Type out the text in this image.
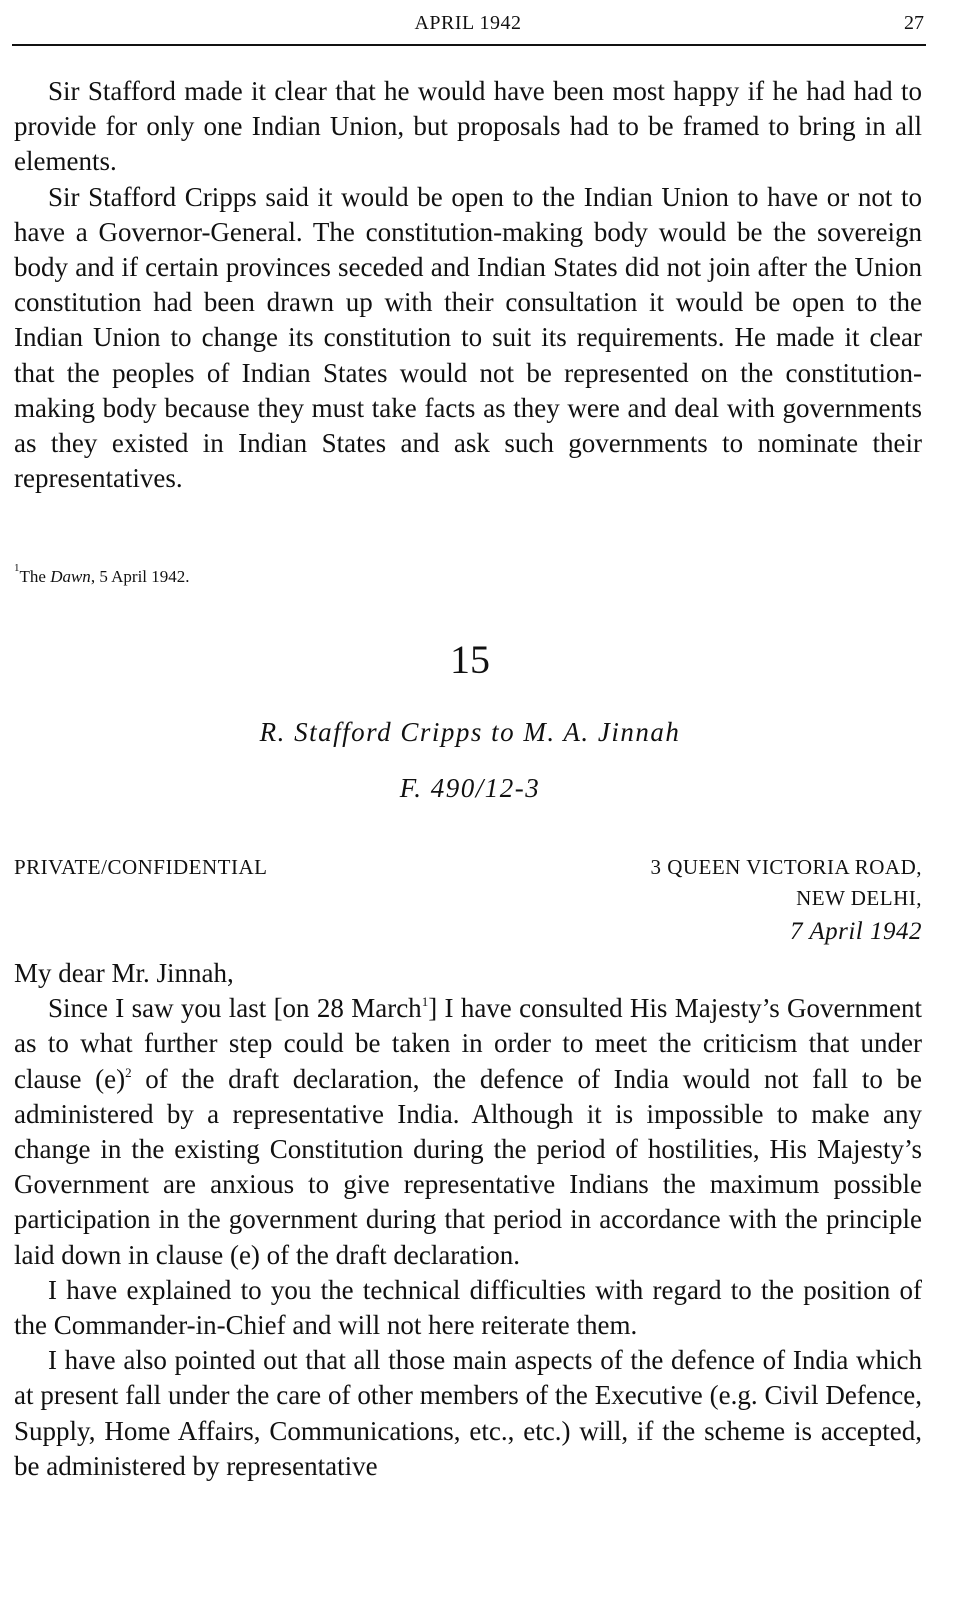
APRIL 1942	27

Sir Stafford made it clear that he would have been most happy if he had had to provide for only one Indian Union, but proposals had to be framed to bring in all elements.

Sir Stafford Cripps said it would be open to the Indian Union to have or not to have a Governor-General. The constitution-making body would be the sovereign body and if certain provinces seceded and Indian States did not join after the Union constitution had been drawn up with their consultation it would be open to the Indian Union to change its constitution to suit its requirements. He made it clear that the peoples of Indian States would not be represented on the constitution-making body because they must take facts as they were and deal with governments as they existed in Indian States and ask such governments to nominate their representatives.

$^1$The Dawn, 5 April 1942.
15
R. Stafford Cripps to M. A. Jinnah
F. 490/12-3
PRIVATE/CONFIDENTIAL	3 QUEEN VICTORIA ROAD,
NEW DELHI,
7 April 1942

My dear Mr. Jinnah,

Since I saw you last [on 28 March$^1$] I have consulted His Majesty’s Government as to what further step could be taken in order to meet the criticism that under clause $(e)^2$ of the draft declaration, the defence of India would not fall to be administered by a representative India. Although it is impossible to make any change in the existing Constitution during the period of hostilities, His Majesty’s Government are anxious to give representative Indians the maximum possible participation in the government during that period in accordance with the principle laid down in clause (e) of the draft declaration.

I have explained to you the technical difficulties with regard to the position of the Commander-in-Chief and will not here reiterate them.

I have also pointed out that all those main aspects of the defence of India which at present fall under the care of other members of the Executive (e.g. Civil Defence, Supply, Home Affairs, Communications, etc., etc.) will, if the scheme is accepted, be administered by representative
